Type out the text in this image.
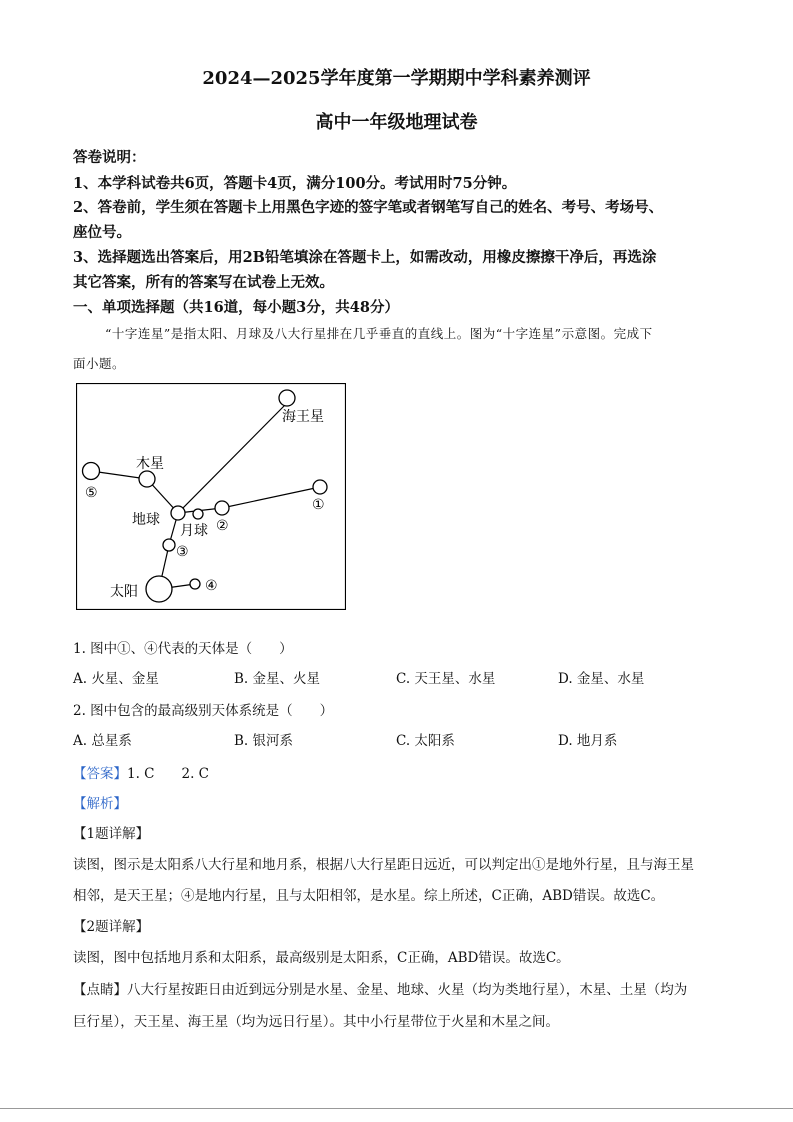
2024—2025学年度第一学期期中学科素养测评
高中一年级地理试卷
答卷说明：
1、本学科试卷共6页，答题卡4页，满分100分。考试用时75分钟。
2、答卷前，学生须在答题卡上用黑色字迹的签字笔或者钢笔写自己的姓名、考号、考场号、
座位号。
3、选择题选出答案后，用2B铅笔填涂在答题卡上，如需改动，用橡皮擦擦干净后，再选涂
其它答案，所有的答案写在试卷上无效。
一、单项选择题（共16道，每小题3分，共48分）
“十字连星”是指太阳、月球及八大行星排在几乎垂直的直线上。图为“十字连星”示意图。完成下
面小题。
海王星
木星
⑤
①
地球
月球 ②
③
太阳	④
1. 图中①、④代表的天体是（　　）
A. 火星、金星	B. 金星、火星	C. 天王星、水星	D. 金星、水星
2. 图中包含的最高级别天体系统是（　　）
A. 总星系	B. 银河系	C. 太阳系	D. 地月系
【答案】1. C　　2. C
【解析】
【1题详解】
读图，图示是太阳系八大行星和地月系，根据八大行星距日远近，可以判定出①是地外行星，且与海王星
相邻，是天王星；④是地内行星，且与太阳相邻，是水星。综上所述，C正确，ABD错误。故选C。
【2题详解】
读图，图中包括地月系和太阳系，最高级别是太阳系，C正确，ABD错误。故选C。
【点睛】八大行星按距日由近到远分别是水星、金星、地球、火星（均为类地行星），木星、土星（均为
巨行星），天王星、海王星（均为远日行星）。其中小行星带位于火星和木星之间。
